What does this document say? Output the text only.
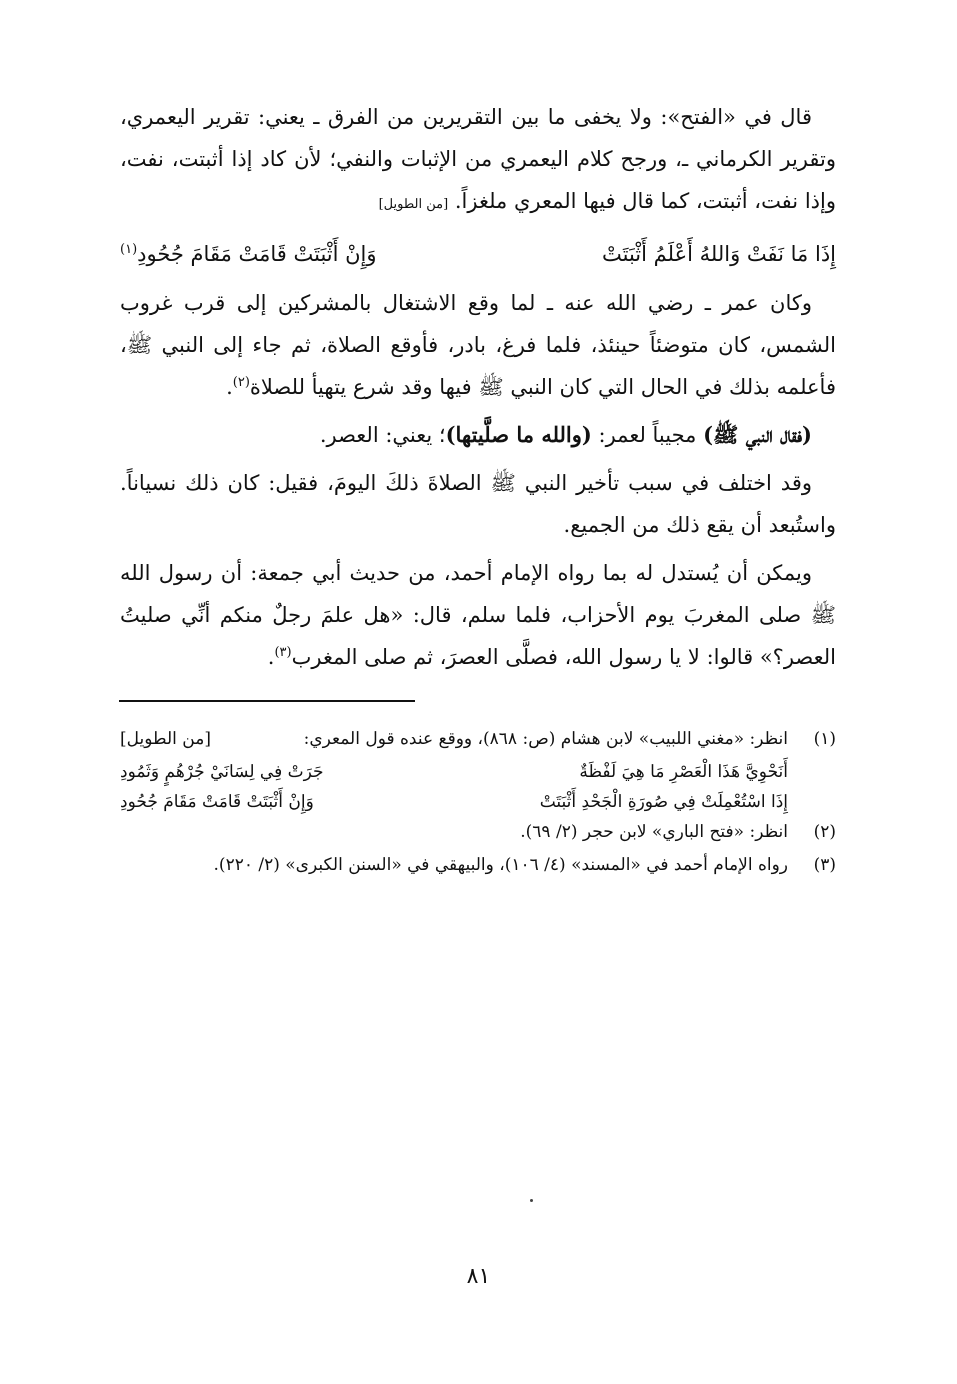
قال في «الفتح»: ولا يخفى ما بين التقريرين من الفرق ـ يعني: تقرير اليعمري، وتقرير الكرماني ـ، ورجح كلام اليعمري من الإثبات والنفي؛ لأن كاد إذا أثبتت، نفت، وإذا نفت، أثبتت، كما قال فيها المعري ملغزاً. [من الطويل]

إِذَا مَا نَفَتْ وَاللهُ أَعْلَمُ أَثْبَتَتْ
وَإِنْ أَثْبَتَتْ قَامَتْ مَقَامَ جُحُودِ$^{(١)}$

وكان عمر ـ رضي الله عنه ـ لما وقع الاشتغال بالمشركين إلى قرب غروب الشمس، كان متوضئاً حينئذ، فلما فرغ، بادر، فأوقع الصلاة، ثم جاء إلى النبي ﷺ، فأعلمه بذلك في الحال التي كان النبي ﷺ فيها وقد شرع يتهيأ للصلاة$^{(٢)}$.

(فقال النبي ﷺ) مجيباً لعمر: (والله ما صلَّيتها)؛ يعني: العصر.

وقد اختلف في سبب تأخير النبي ﷺ الصلاةَ ذلكَ اليومَ، فقيل: كان ذلك نسياناً. واستُبعد أن يقع ذلك من الجميع.

ويمكن أن يُستدل له بما رواه الإمام أحمد، من حديث أبي جمعة: أن رسول الله ﷺ صلى المغربَ يوم الأحزاب، فلما سلم، قال: «هل علمَ رجلٌ منكم أنِّي صليتُ العصر؟» قالوا: لا يا رسول الله، فصلَّى العصرَ، ثم صلى المغرب$^{(٣)}$.

(١)
انظر: «مغني اللبيب» لابن هشام (ص: ٨٦٨)، ووقع عنده قول المعري:
[من الطويل]
أَنَحْوِيَّ هَذَا الْعَصْرِ مَا هِيَ لَفْظَةٌ
جَرَتْ فِي لِسَانَيْ جُرْهُمٍ وَثَمُودِ
إِذَا اسْتُعْمِلَتْ فِي صُورَةِ الْجَحْدِ أَثْبَتَتْ
وَإِنْ أَثْبَتَتْ قَامَتْ مَقَامَ جُحُودِ
(٢)
انظر: «فتح الباري» لابن حجر (٢/ ٦٩).
(٣)
رواه الإمام أحمد في «المسند» (٤/ ١٠٦)، والبيهقي في «السنن الكبرى» (٢/ ٢٢٠).
٨١
